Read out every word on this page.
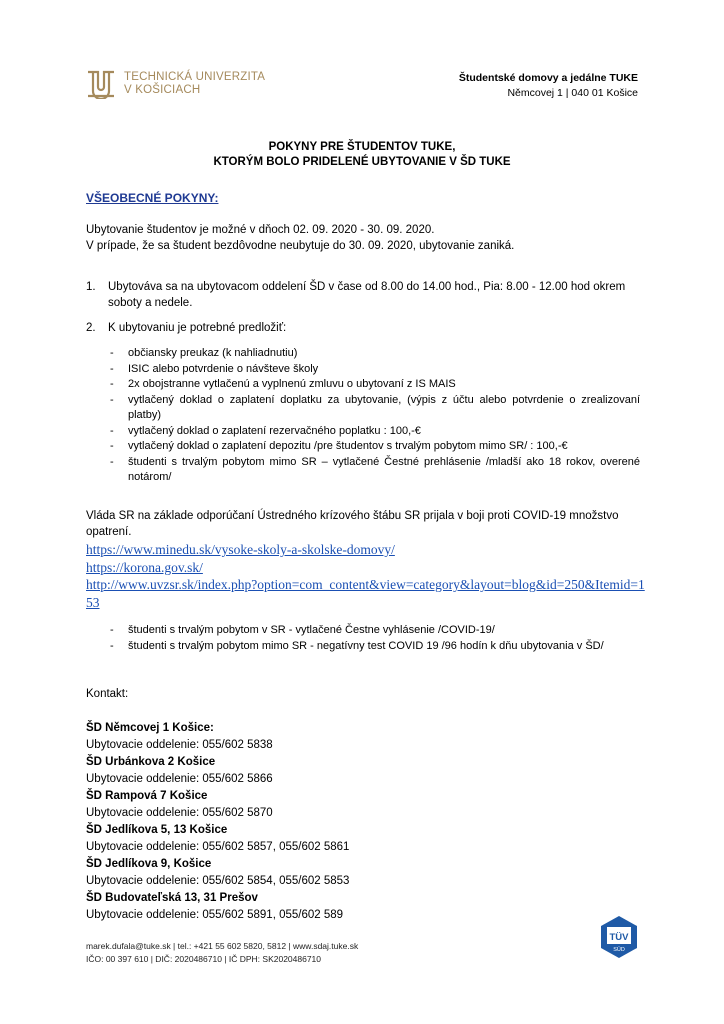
TECHNICKÁ UNIVERZITA
V KOŠICIACH
Študentské domovy a jedálne TUKE
Němcovej 1 | 040 01 Košice
POKYNY PRE ŠTUDENTOV TUKE,
KTORÝM BOLO PRIDELENÉ UBYTOVANIE V ŠD TUKE
VŠEOBECNÉ POKYNY:
Ubytovanie študentov je možné v dňoch 02. 09. 2020 - 30. 09. 2020.
V prípade, že sa študent bezdôvodne neubytuje do 30. 09. 2020, ubytovanie zaniká.
1. Ubytováva sa na ubytovacom oddelení ŠD v čase od 8.00 do 14.00 hod., Pia: 8.00 - 12.00 hod okrem soboty a nedele.
2. K ubytovaniu je potrebné predložiť:
- občiansky preukaz (k nahliadnutiu)
- ISIC alebo potvrdenie o návšteve školy
- 2x obojstranne vytlačenú a vyplnenú zmluvu o ubytovaní z IS MAIS
- vytlačený doklad o zaplatení doplatku za ubytovanie, (výpis z účtu alebo potvrdenie o zrealizovaní platby)
- vytlačený doklad o zaplatení rezervačného poplatku : 100,-€
- vytlačený doklad o zaplatení depozitu /pre študentov s trvalým pobytom mimo SR/ : 100,-€
- študenti s trvalým pobytom mimo SR – vytlačené Čestné prehlásenie /mladší ako 18 rokov, overené notárom/
Vláda SR na základe odporúčaní Ústredného krízového štábu SR prijala v boji proti COVID-19 množstvo opatrení.
https://www.minedu.sk/vysoke-skoly-a-skolske-domovy/
https://korona.gov.sk/
http://www.uvzsr.sk/index.php?option=com_content&view=category&layout=blog&id=250&Itemid=153
- študenti s trvalým pobytom v SR - vytlačené Čestne vyhlásenie /COVID-19/
- študenti s trvalým pobytom mimo SR - negatívny test COVID 19 /96 hodín k dňu ubytovania v ŠD/
Kontakt:
ŠD Němcovej 1 Košice:
Ubytovacie oddelenie: 055/602 5838
ŠD Urbánkova 2 Košice
Ubytovacie oddelenie: 055/602 5866
ŠD Rampová 7 Košice
Ubytovacie oddelenie: 055/602 5870
ŠD Jedlíkova 5, 13 Košice
Ubytovacie oddelenie: 055/602 5857, 055/602 5861
ŠD Jedlíkova 9, Košice
Ubytovacie oddelenie: 055/602 5854, 055/602 5853
ŠD Budovateľská 13, 31 Prešov
Ubytovacie oddelenie: 055/602 5891, 055/602 589
marek.dufala@tuke.sk | tel.: +421 55 602 5820, 5812 | www.sdaj.tuke.sk
IČO: 00 397 610 | DIČ: 2020486710 | IČ DPH: SK2020486710
TÜV
SÜD
